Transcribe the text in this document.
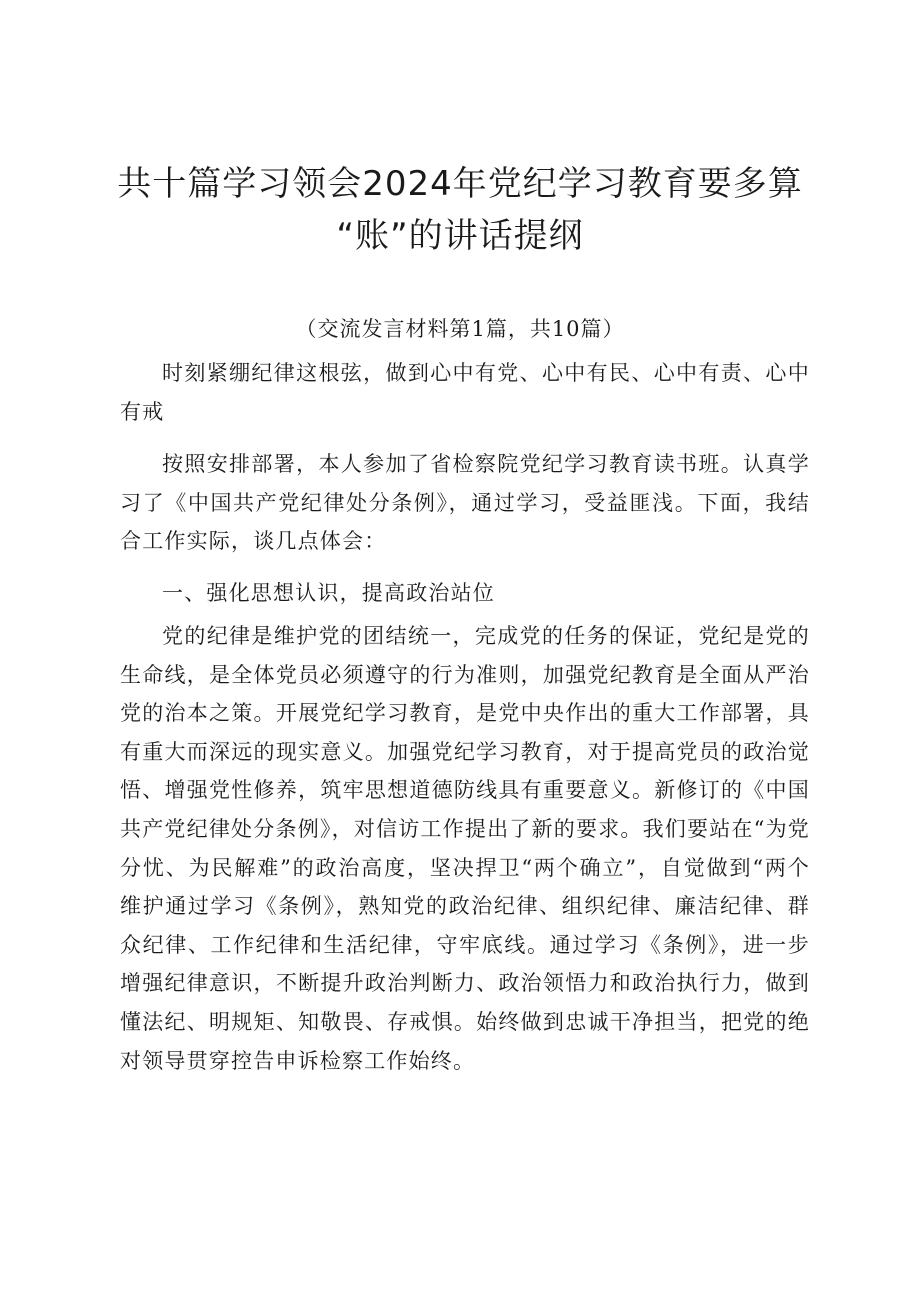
共十篇学习领会2024年党纪学习教育要多算
“账”的讲话提纲
（交流发言材料第1篇，共10篇）

时刻紧绷纪律这根弦，做到心中有党、心中有民、心中有责、心中有戒

按照安排部署，本人参加了省检察院党纪学习教育读书班。认真学习了《中国共产党纪律处分条例》，通过学习，受益匪浅。下面，我结合工作实际，谈几点体会：

一、强化思想认识，提高政治站位

党的纪律是维护党的团结统一，完成党的任务的保证，党纪是党的生命线，是全体党员必须遵守的行为准则，加强党纪教育是全面从严治党的治本之策。开展党纪学习教育，是党中央作出的重大工作部署，具有重大而深远的现实意义。加强党纪学习教育，对于提高党员的政治觉悟、增强党性修养，筑牢思想道德防线具有重要意义。新修订的《中国共产党纪律处分条例》，对信访工作提出了新的要求。我们要站在“为党分忧、为民解难”的政治高度，坚决捍卫“两个确立”，自觉做到“两个维护通过学习《条例》，熟知党的政治纪律、组织纪律、廉洁纪律、群众纪律、工作纪律和生活纪律，守牢底线。通过学习《条例》，进一步增强纪律意识，不断提升政治判断力、政治领悟力和政治执行力，做到懂法纪、明规矩、知敬畏、存戒惧。始终做到忠诚干净担当，把党的绝对领导贯穿控告申诉检察工作始终。
